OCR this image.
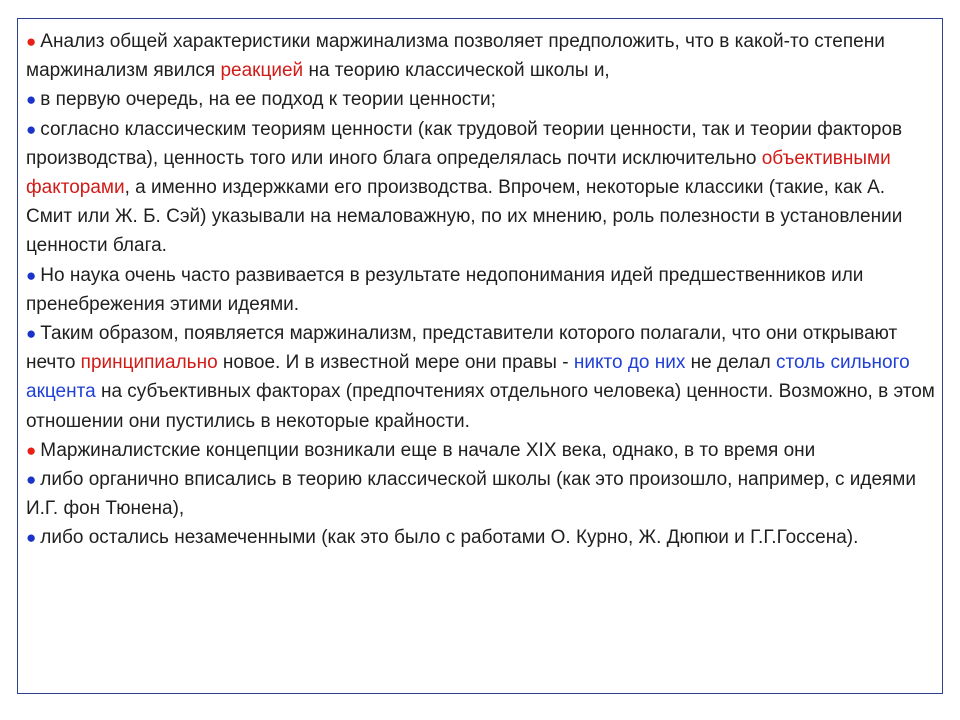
● Анализ общей характеристики маржинализма позволяет предположить, что в какой-то степени маржинализм явился реакцией на теорию классической школы и,

● в первую очередь, на ее подход к теории ценности;

● согласно классическим теориям ценности (как трудовой теории ценности, так и теории факторов производства), ценность того или иного блага определялась почти исключительно объективными факторами, а именно издержками его производства. Впрочем, некоторые классики (такие, как А. Смит или Ж. Б. Сэй) указывали на немаловажную, по их мнению, роль полезности в установлении ценности блага.

● Но наука очень часто развивается в результате недопонимания идей предшественников или пренебрежения этими идеями.

● Таким образом, появляется маржинализм, представители которого полагали, что они открывают нечто принципиально новое. И в известной мере они правы - никто до них не делал столь сильного акцента на субъективных факторах (предпочтениях отдельного человека) ценности. Возможно, в этом отношении они пустились в некоторые крайности.

● Маржиналистские концепции возникали еще в начале XIX века, однако, в то время они

● либо органично вписались в теорию классической школы (как это произошло, например, с идеями И.Г. фон Тюнена),

● либо остались незамеченными (как это было с работами О. Курно, Ж. Дюпюи и Г.Г.Госсена).
